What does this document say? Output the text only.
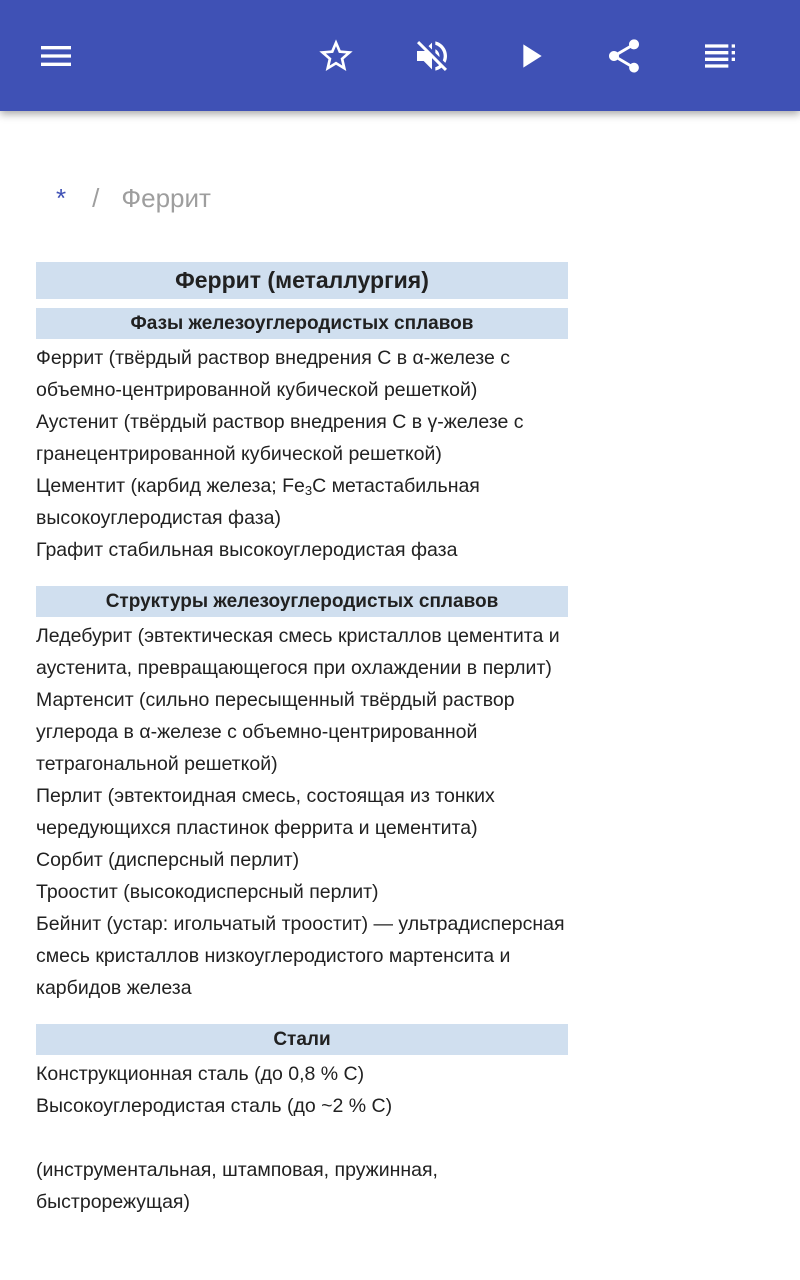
* / Феррит
Феррит (металлургия)
Фазы железоуглеродистых сплавов
Феррит (твёрдый раствор внедрения С в α-железе с объемно-центрированной кубической решеткой)
Аустенит (твёрдый раствор внедрения С в γ-железе с гранецентрированной кубической решеткой)
Цементит (карбид железа; $Fe_3C$ метастабильная высокоуглеродистая фаза)
Графит стабильная высокоуглеродистая фаза
Структуры железоуглеродистых сплавов
Ледебурит (эвтектическая смесь кристаллов цементита и аустенита, превращающегося при охлаждении в перлит)
Мартенсит (сильно пересыщенный твёрдый раствор углерода в α-железе с объемно-центрированной тетрагональной решеткой)
Перлит (эвтектоидная смесь, состоящая из тонких чередующихся пластинок феррита и цементита)
Сорбит (дисперсный перлит)
Троостит (высокодисперсный перлит)
Бейнит (устар: игольчатый троостит) — ультрадисперсная смесь кристаллов низкоуглеродистого мартенсита и карбидов железа
Стали
Конструкционная сталь (до 0,8 % С)
Высокоуглеродистая сталь (до ~2 % С)
(инструментальная, штамповая, пружинная, быстрорежущая)
